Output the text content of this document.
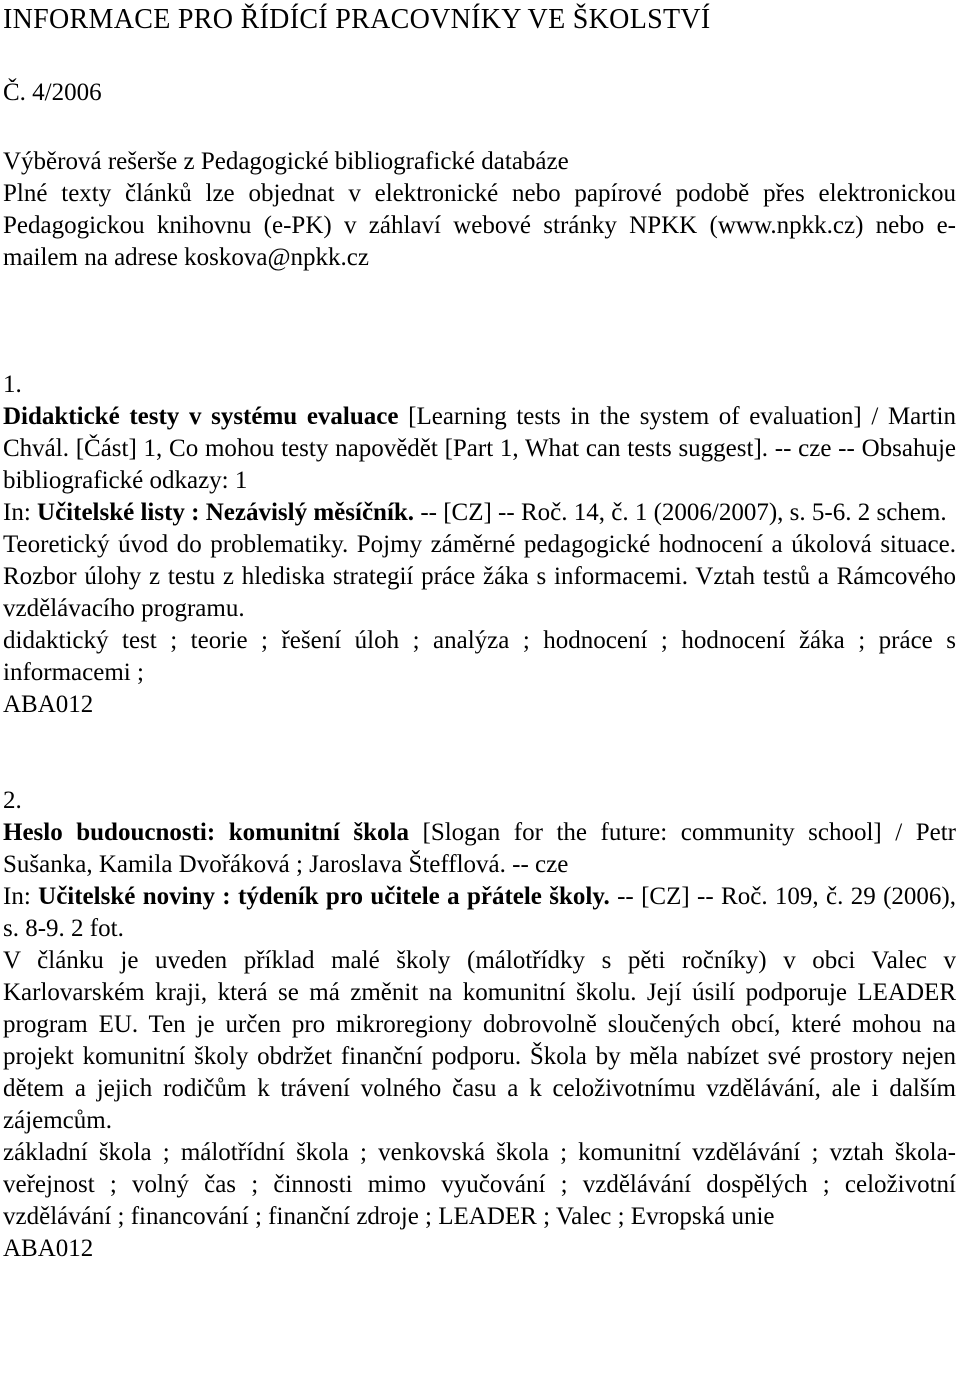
INFORMACE PRO ŘÍDÍCÍ PRACOVNÍKY VE ŠKOLSTVÍ
Č. 4/2006

Výběrová rešerše z Pedagogické bibliografické databáze

Plné texty článků lze objednat v elektronické nebo papírové podobě přes elektronickou Pedagogickou knihovnu (e-PK) v záhlaví webové stránky NPKK (www.npkk.cz) nebo e-mailem na adrese koskova@npkk.cz

1.

Didaktické testy v systému evaluace [Learning tests in the system of evaluation] / Martin Chvál. [Část] 1, Co mohou testy napovědět [Part 1, What can tests suggest]. -- cze -- Obsahuje bibliografické odkazy: 1

In: Učitelské listy : Nezávislý měsíčník. -- [CZ] -- Roč. 14, č. 1 (2006/2007), s. 5-6. 2 schem.

Teoretický úvod do problematiky. Pojmy záměrné pedagogické hodnocení a úkolová situace. Rozbor úlohy z testu z hlediska strategií práce žáka s informacemi. Vztah testů a Rámcového vzdělávacího programu.

didaktický test ; teorie ; řešení úloh ; analýza ; hodnocení ; hodnocení žáka ; práce s informacemi ;

ABA012

2.

Heslo budoucnosti: komunitní škola [Slogan for the future: community school] / Petr Sušanka, Kamila Dvořáková ; Jaroslava Štefflová. -- cze

In: Učitelské noviny : týdeník pro učitele a přátele školy. -- [CZ] -- Roč. 109, č. 29 (2006), s. 8-9. 2 fot.

V článku je uveden příklad malé školy (málotřídky s pěti ročníky) v obci Valec v Karlovarském kraji, která se má změnit na komunitní školu. Její úsilí podporuje LEADER program EU. Ten je určen pro mikroregiony dobrovolně sloučených obcí, které mohou na projekt komunitní školy obdržet finanční podporu. Škola by měla nabízet své prostory nejen dětem a jejich rodičům k trávení volného času a k celoživotnímu vzdělávání, ale i dalším zájemcům.

základní škola ; málotřídní škola ; venkovská škola ; komunitní vzdělávání ; vztah škola-veřejnost ; volný čas ; činnosti mimo vyučování ; vzdělávání dospělých ; celoživotní vzdělávání ; financování ; finanční zdroje ; LEADER ; Valec ; Evropská unie

ABA012
